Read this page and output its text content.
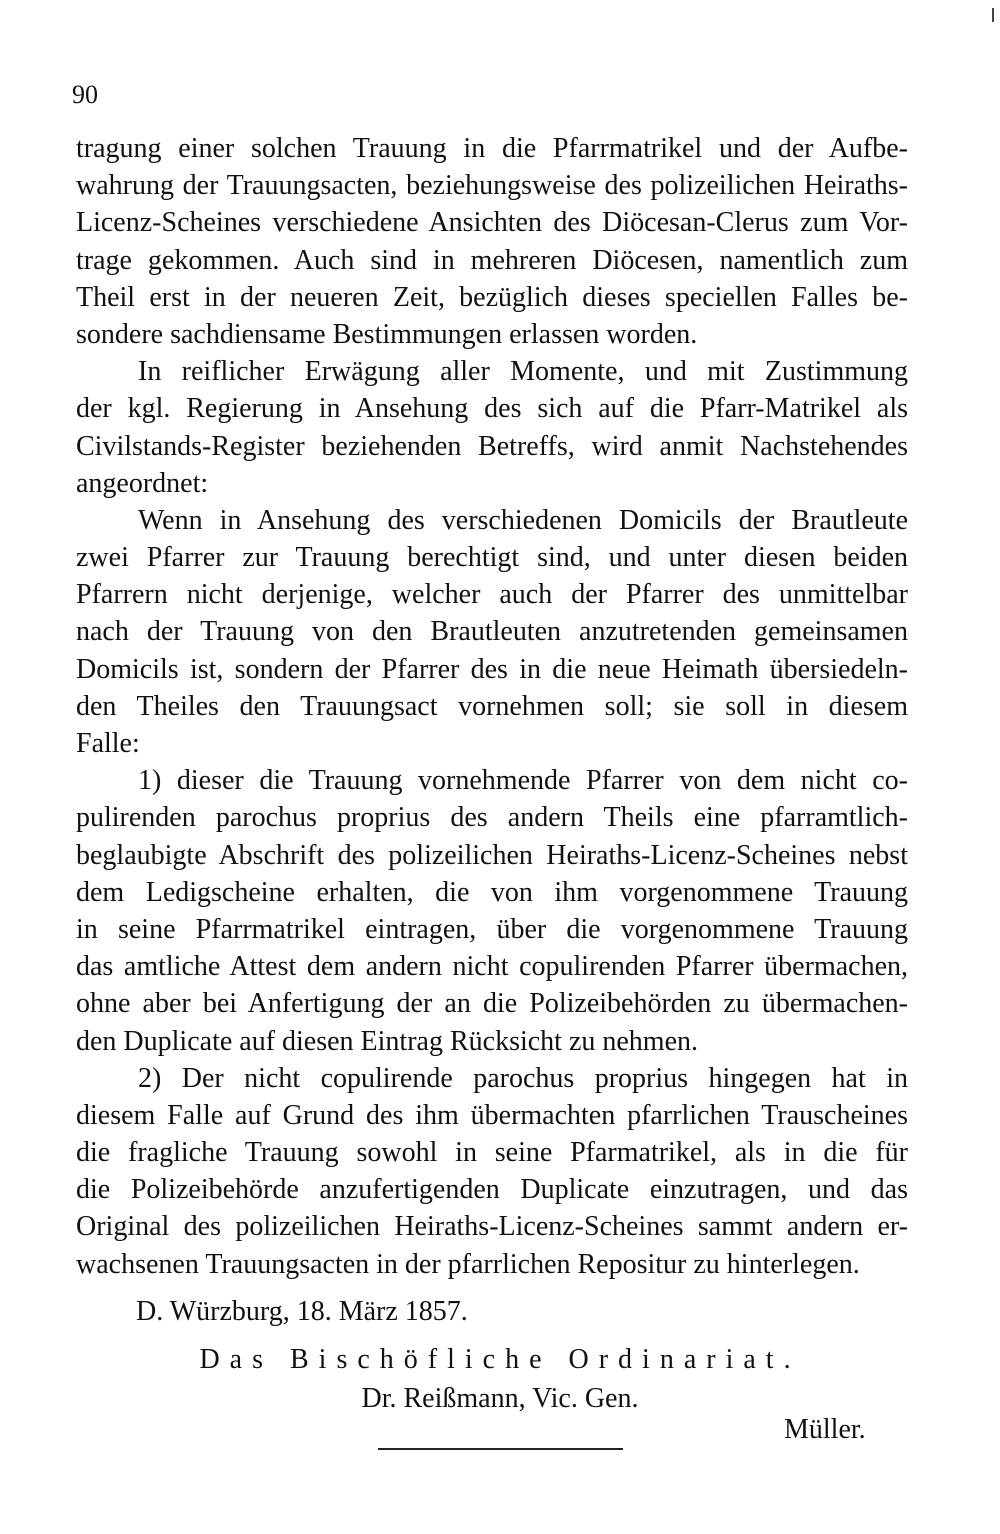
90
tragung einer solchen Trauung in die Pfarrmatrikel und der Aufbe-
wahrung der Trauungsacten, beziehungsweise des polizeilichen Heiraths-
Licenz-Scheines verschiedene Ansichten des Diöcesan-Clerus zum Vor-
trage gekommen. Auch sind in mehreren Diöcesen, namentlich zum
Theil erst in der neueren Zeit, bezüglich dieses speciellen Falles be-
sondere sachdiensame Bestimmungen erlassen worden.
In reiflicher Erwägung aller Momente, und mit Zustimmung
der kgl. Regierung in Ansehung des sich auf die Pfarr-Matrikel als
Civilstands-Register beziehenden Betreffs, wird anmit Nachstehendes
angeordnet:
Wenn in Ansehung des verschiedenen Domicils der Brautleute
zwei Pfarrer zur Trauung berechtigt sind, und unter diesen beiden
Pfarrern nicht derjenige, welcher auch der Pfarrer des unmittelbar
nach der Trauung von den Brautleuten anzutretenden gemeinsamen
Domicils ist, sondern der Pfarrer des in die neue Heimath übersiedeln-
den Theiles den Trauungsact vornehmen soll; sie soll in diesem
Falle:
1) dieser die Trauung vornehmende Pfarrer von dem nicht co-
pulirenden parochus proprius des andern Theils eine pfarramtlich-
beglaubigte Abschrift des polizeilichen Heiraths-Licenz-Scheines nebst
dem Ledigscheine erhalten, die von ihm vorgenommene Trauung
in seine Pfarrmatrikel eintragen, über die vorgenommene Trauung
das amtliche Attest dem andern nicht copulirenden Pfarrer übermachen,
ohne aber bei Anfertigung der an die Polizeibehörden zu übermachen-
den Duplicate auf diesen Eintrag Rücksicht zu nehmen.
2) Der nicht copulirende parochus proprius hingegen hat in
diesem Falle auf Grund des ihm übermachten pfarrlichen Trauscheines
die fragliche Trauung sowohl in seine Pfarmatrikel, als in die für
die Polizeibehörde anzufertigenden Duplicate einzutragen, und das
Original des polizeilichen Heiraths-Licenz-Scheines sammt andern er-
wachsenen Trauungsacten in der pfarrlichen Repositur zu hinterlegen.
D. Würzburg, 18. März 1857.
Das Bischöfliche Ordinariat.
Dr. Reißmann, Vic. Gen.
Müller.
